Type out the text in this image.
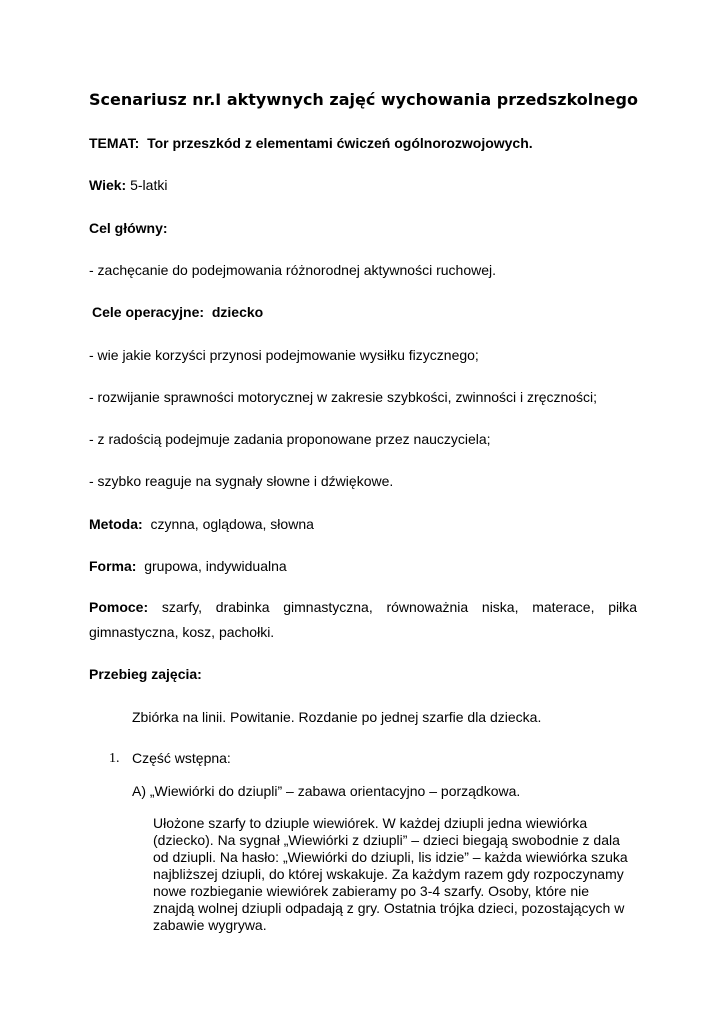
Scenariusz nr.I aktywnych zajęć wychowania przedszkolnego
TEMAT: Tor przeszkód z elementami ćwiczeń ogólnorozwojowych.
Wiek: 5-latki
Cel główny:
- zachęcanie do podejmowania różnorodnej aktywności ruchowej.
Cele operacyjne: dziecko
- wie jakie korzyści przynosi podejmowanie wysiłku fizycznego;
- rozwijanie sprawności motorycznej w zakresie szybkości, zwinności i zręczności;
- z radością podejmuje zadania proponowane przez nauczyciela;
- szybko reaguje na sygnały słowne i dźwiękowe.
Metoda: czynna, oglądowa, słowna
Forma: grupowa, indywidualna
Pomoce: szarfy, drabinka gimnastyczna, równoważnia niska, materace, piłka gimnastyczna, kosz, pachołki.
Przebieg zajęcia:
Zbiórka na linii. Powitanie. Rozdanie po jednej szarfie dla dziecka.
1. Część wstępna:
A) „Wiewiórki do dziupli” – zabawa orientacyjno – porządkowa.
Ułożone szarfy to dziuple wiewiórek. W każdej dziupli jedna wiewiórka (dziecko). Na sygnał „Wiewiórki z dziupli” – dzieci biegają swobodnie z dala od dziupli. Na hasło: „Wiewiórki do dziupli, lis idzie” – każda wiewiórka szuka najbliższej dziupli, do której wskakuje. Za każdym razem gdy rozpoczynamy nowe rozbieganie wiewiórek zabieramy po 3-4 szarfy. Osoby, które nie znajdą wolnej dziupli odpadają z gry. Ostatnia trójka dzieci, pozostających w zabawie wygrywa.
